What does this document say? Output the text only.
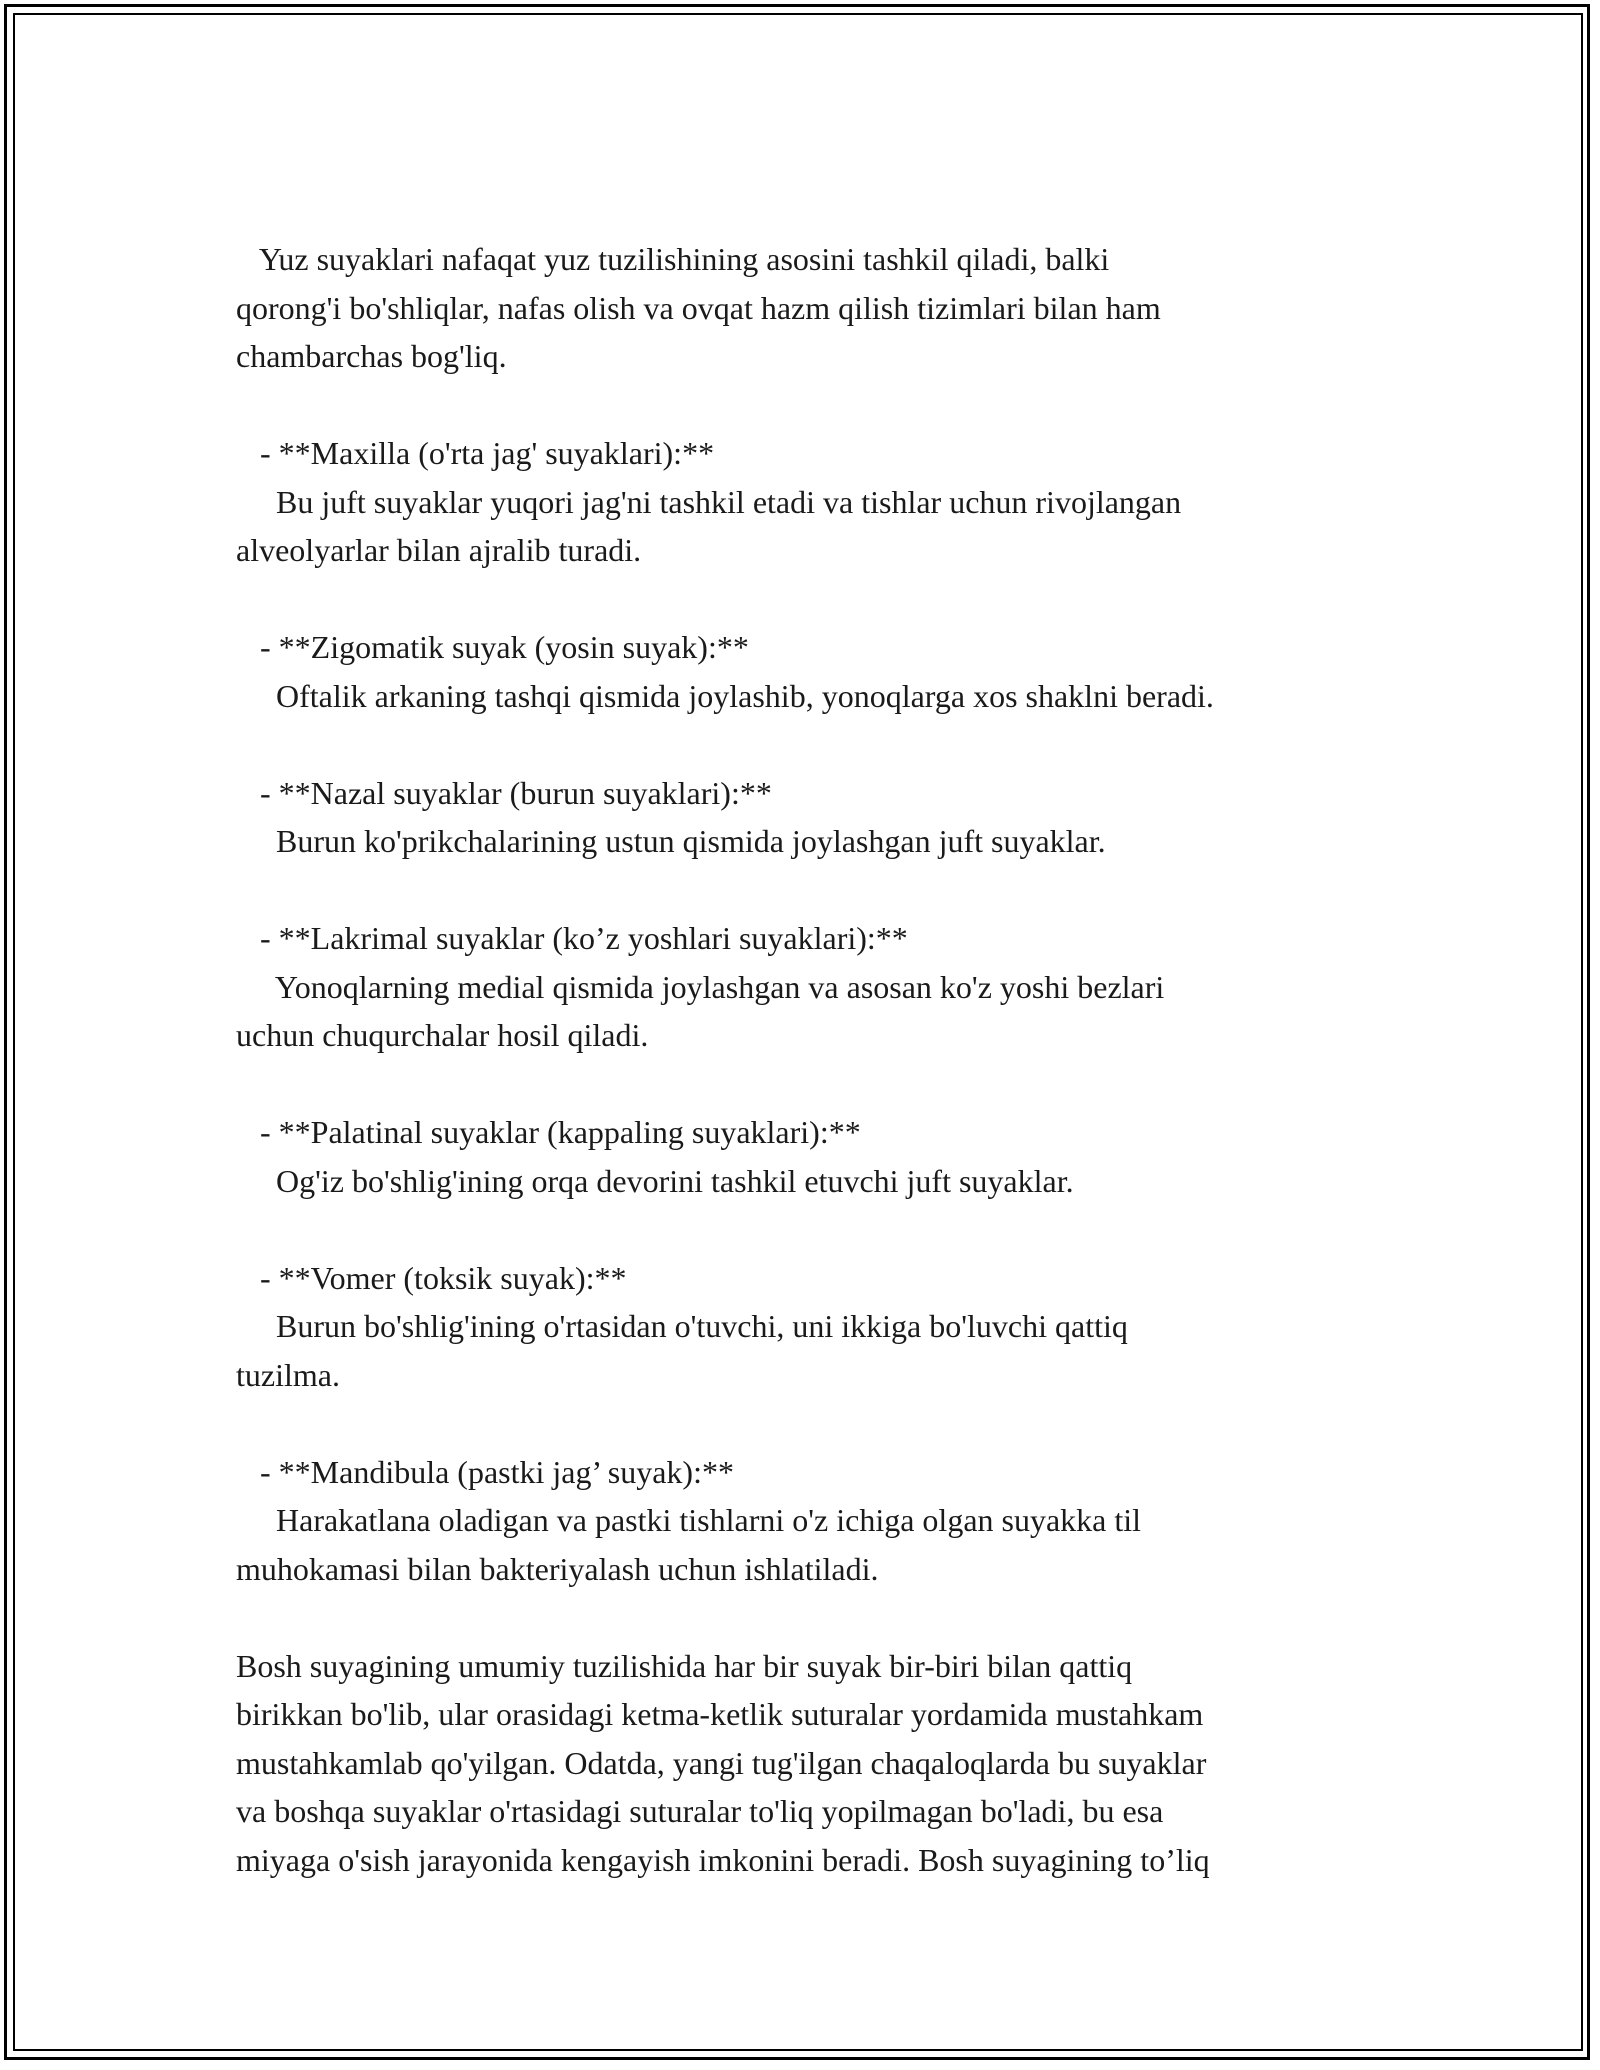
Yuz suyaklari nafaqat yuz tuzilishining asosini tashkil qiladi, balki
qorong'i bo'shliqlar, nafas olish va ovqat hazm qilish tizimlari bilan ham
chambarchas bog'liq.
- **Maxilla (o'rta jag' suyaklari):**
Bu juft suyaklar yuqori jag'ni tashkil etadi va tishlar uchun rivojlangan
alveolyarlar bilan ajralib turadi.
- **Zigomatik suyak (yosin suyak):**
Oftalik arkaning tashqi qismida joylashib, yonoqlarga xos shaklni beradi.
- **Nazal suyaklar (burun suyaklari):**
Burun ko'prikchalarining ustun qismida joylashgan juft suyaklar.
- **Lakrimal suyaklar (ko’z yoshlari suyaklari):**
Yonoqlarning medial qismida joylashgan va asosan ko'z yoshi bezlari
uchun chuqurchalar hosil qiladi.
- **Palatinal suyaklar (kappaling suyaklari):**
Og'iz bo'shlig'ining orqa devorini tashkil etuvchi juft suyaklar.
- **Vomer (toksik suyak):**
Burun bo'shlig'ining o'rtasidan o'tuvchi, uni ikkiga bo'luvchi qattiq
tuzilma.
- **Mandibula (pastki jag’ suyak):**
Harakatlana oladigan va pastki tishlarni o'z ichiga olgan suyakka til
muhokamasi bilan bakteriyalash uchun ishlatiladi.
Bosh suyagining umumiy tuzilishida har bir suyak bir-biri bilan qattiq
birikkan bo'lib, ular orasidagi ketma-ketlik suturalar yordamida mustahkam
mustahkamlab qo'yilgan. Odatda, yangi tug'ilgan chaqaloqlarda bu suyaklar
va boshqa suyaklar o'rtasidagi suturalar to'liq yopilmagan bo'ladi, bu esa
miyaga o'sish jarayonida kengayish imkonini beradi. Bosh suyagining to’liq
